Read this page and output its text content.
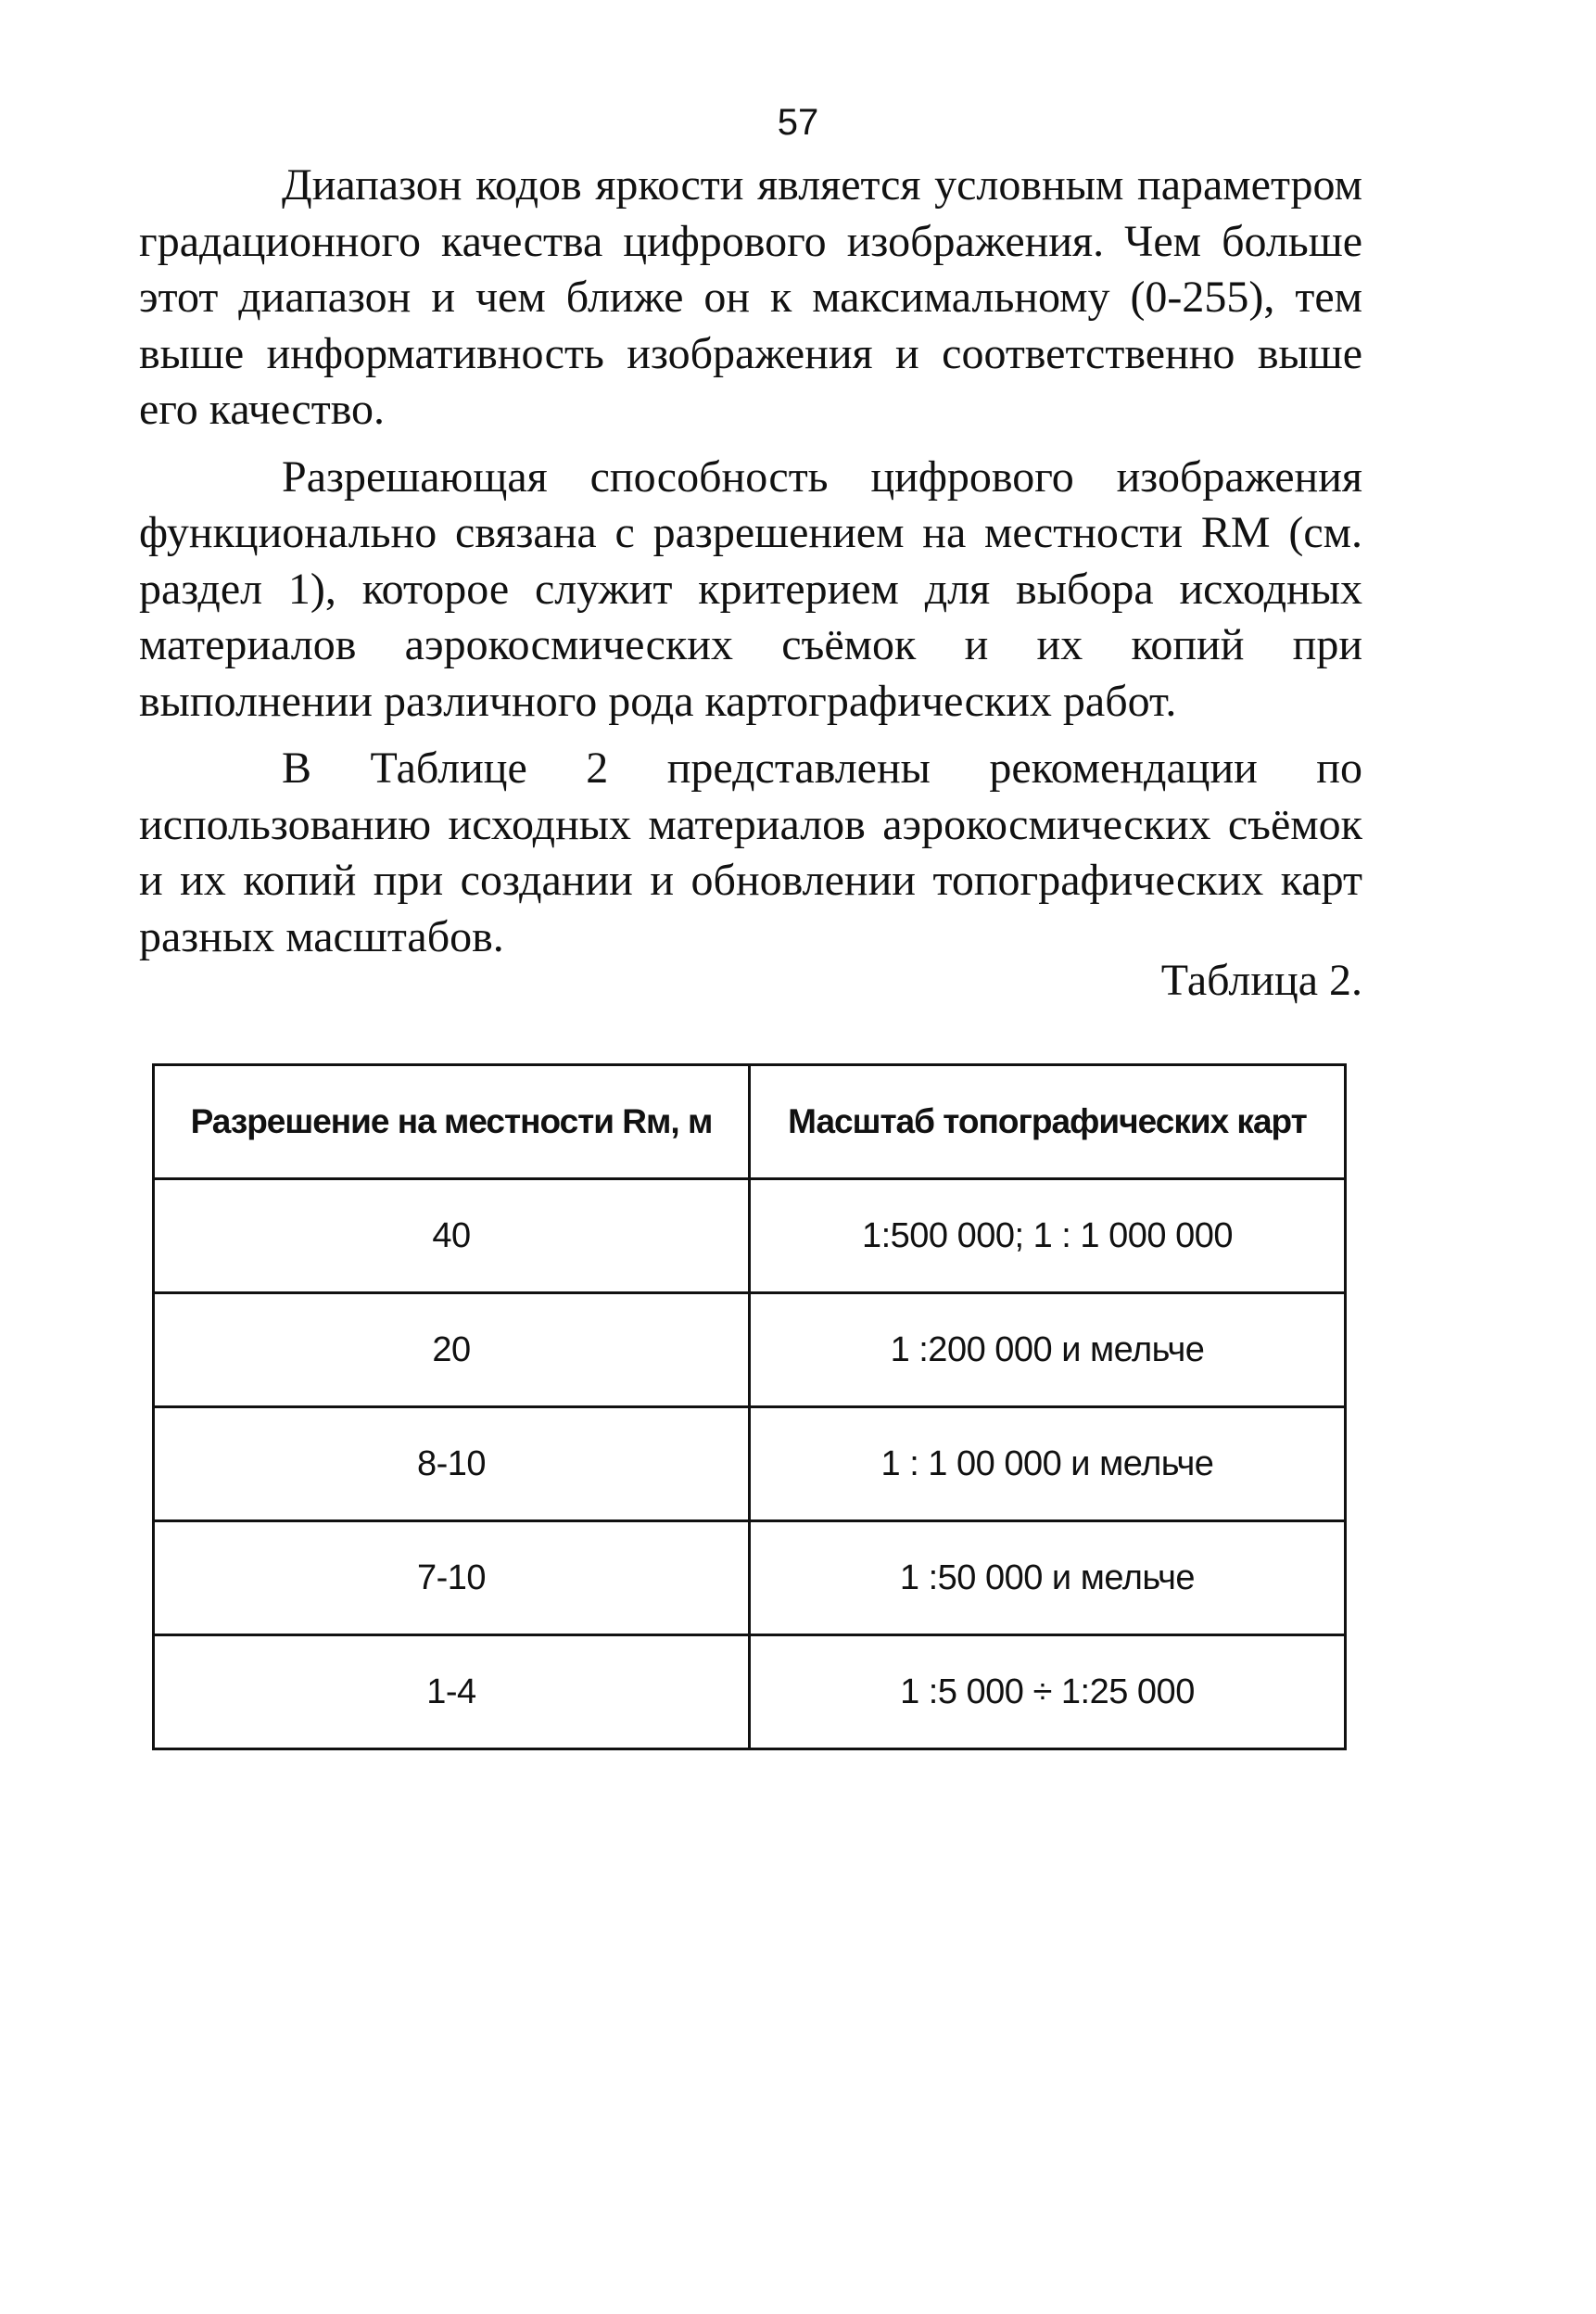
57

Диапазон кодов яркости является условным параметром градационного качества цифрового изображения. Чем больше этот диапазон и чем ближе он к максимальному (0-255), тем выше информативность изображения и соответственно выше его качество.

Разрешающая способность цифрового изображения функционально связана с разрешением на местности RМ (см. раздел 1), которое служит критерием для выбора исходных материалов аэрокосмических съёмок и их копий при выполнении различного рода картографических работ.

В Таблице 2 представлены рекомендации по использованию исходных материалов аэрокосмических съёмок и их копий при создании и обновлении топографических карт разных масштабов.

Таблица 2.
Разрешение на местности Rм, м	Масштаб топографических карт
40	1:500 000; 1 : 1 000 000
20	1 :200 000 и мельче
8-10	1 : 1 00 000 и мельче
7-10	1 :50 000 и мельче
1-4	1 :5 000 ÷ 1:25 000
